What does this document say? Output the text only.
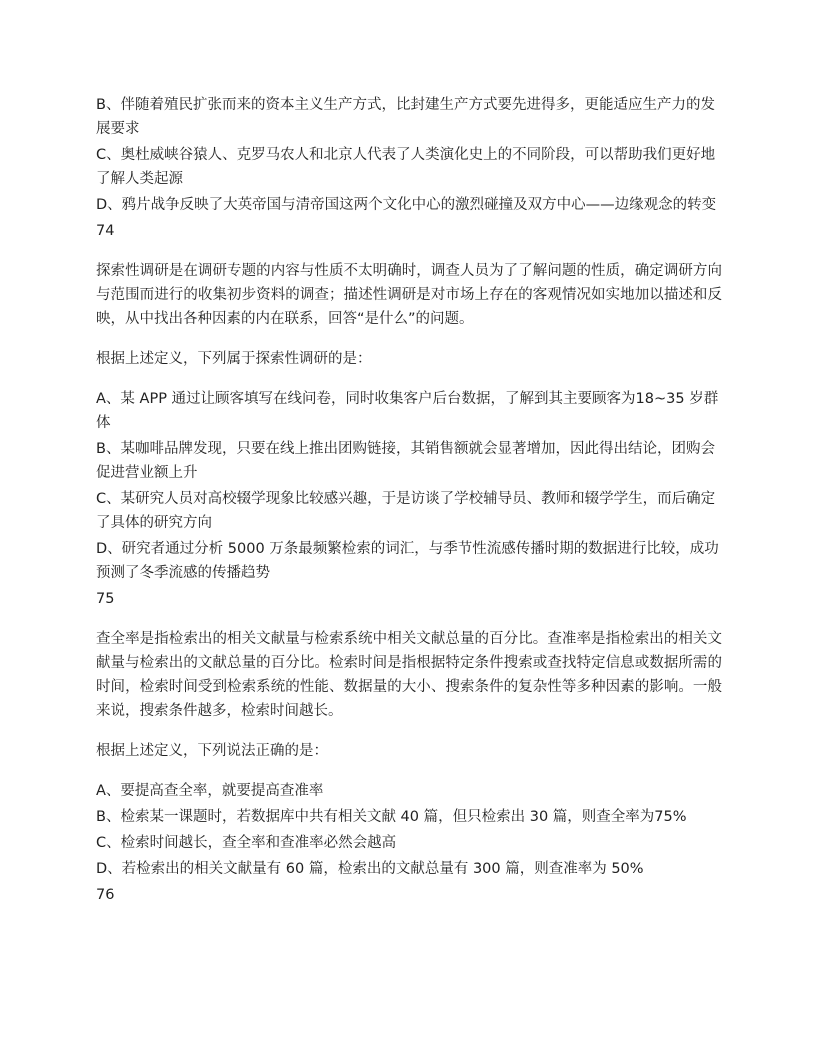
B、伴随着殖民扩张而来的资本主义生产方式，比封建生产方式要先进得多，更能适应生产力的发展要求

C、奥杜威峡谷猿人、克罗马农人和北京人代表了人类演化史上的不同阶段，可以帮助我们更好地了解人类起源

D、鸦片战争反映了大英帝国与清帝国这两个文化中心的激烈碰撞及双方中心——边缘观念的转变

74

探索性调研是在调研专题的内容与性质不太明确时，调查人员为了了解问题的性质，确定调研方向与范围而进行的收集初步资料的调查；描述性调研是对市场上存在的客观情况如实地加以描述和反映，从中找出各种因素的内在联系，回答“是什么”的问题。

根据上述定义，下列属于探索性调研的是：

A、某 APP 通过让顾客填写在线问卷，同时收集客户后台数据，了解到其主要顾客为18~35 岁群体

B、某咖啡品牌发现，只要在线上推出团购链接，其销售额就会显著增加，因此得出结论，团购会促进营业额上升

C、某研究人员对高校辍学现象比较感兴趣，于是访谈了学校辅导员、教师和辍学学生，而后确定了具体的研究方向

D、研究者通过分析 5000 万条最频繁检索的词汇，与季节性流感传播时期的数据进行比较，成功预测了冬季流感的传播趋势

75

查全率是指检索出的相关文献量与检索系统中相关文献总量的百分比。查准率是指检索出的相关文献量与检索出的文献总量的百分比。检索时间是指根据特定条件搜索或查找特定信息或数据所需的时间，检索时间受到检索系统的性能、数据量的大小、搜索条件的复杂性等多种因素的影响。一般来说，搜索条件越多，检索时间越长。

根据上述定义，下列说法正确的是：

A、要提高查全率，就要提高查准率

B、检索某一课题时，若数据库中共有相关文献 40 篇，但只检索出 30 篇，则查全率为75%

C、检索时间越长，查全率和查准率必然会越高

D、若检索出的相关文献量有 60 篇，检索出的文献总量有 300 篇，则查准率为 50%

76
